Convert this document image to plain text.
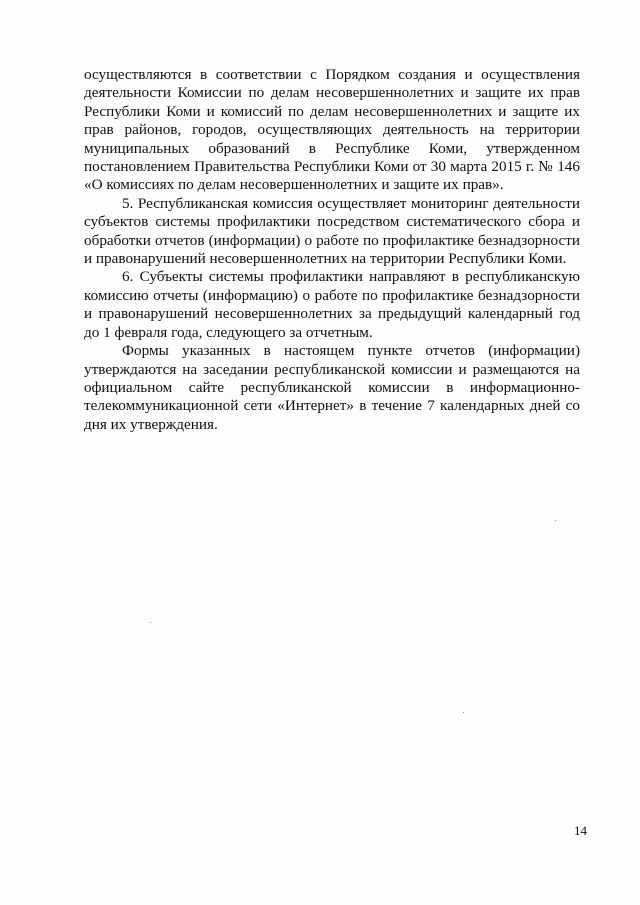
осуществляются в соответствии с Порядком создания и осуществления деятельности Комиссии по делам несовершеннолетних и защите их прав Республики Коми и комиссий по делам несовершеннолетних и защите их прав районов, городов, осуществляющих деятельность на территории муниципальных образований в Республике Коми, утвержденном постановлением Правительства Республики Коми от 30 марта 2015 г. № 146 «О комиссиях по делам несовершеннолетних и защите их прав».

5. Республиканская комиссия осуществляет мониторинг деятельности субъектов системы профилактики посредством систематического сбора и обработки отчетов (информации) о работе по профилактике безнадзорности и правонарушений несовершеннолетних на территории Республики Коми.

6. Субъекты системы профилактики направляют в республиканскую комиссию отчеты (информацию) о работе по профилактике безнадзорности и правонарушений несовершеннолетних за предыдущий календарный год до 1 февраля года, следующего за отчетным.

Формы указанных в настоящем пункте отчетов (информации) утверждаются на заседании республиканской комиссии и размещаются на официальном сайте республиканской комиссии в информационно-телекоммуникационной сети «Интернет» в течение 7 календарных дней со дня их утверждения.

14
